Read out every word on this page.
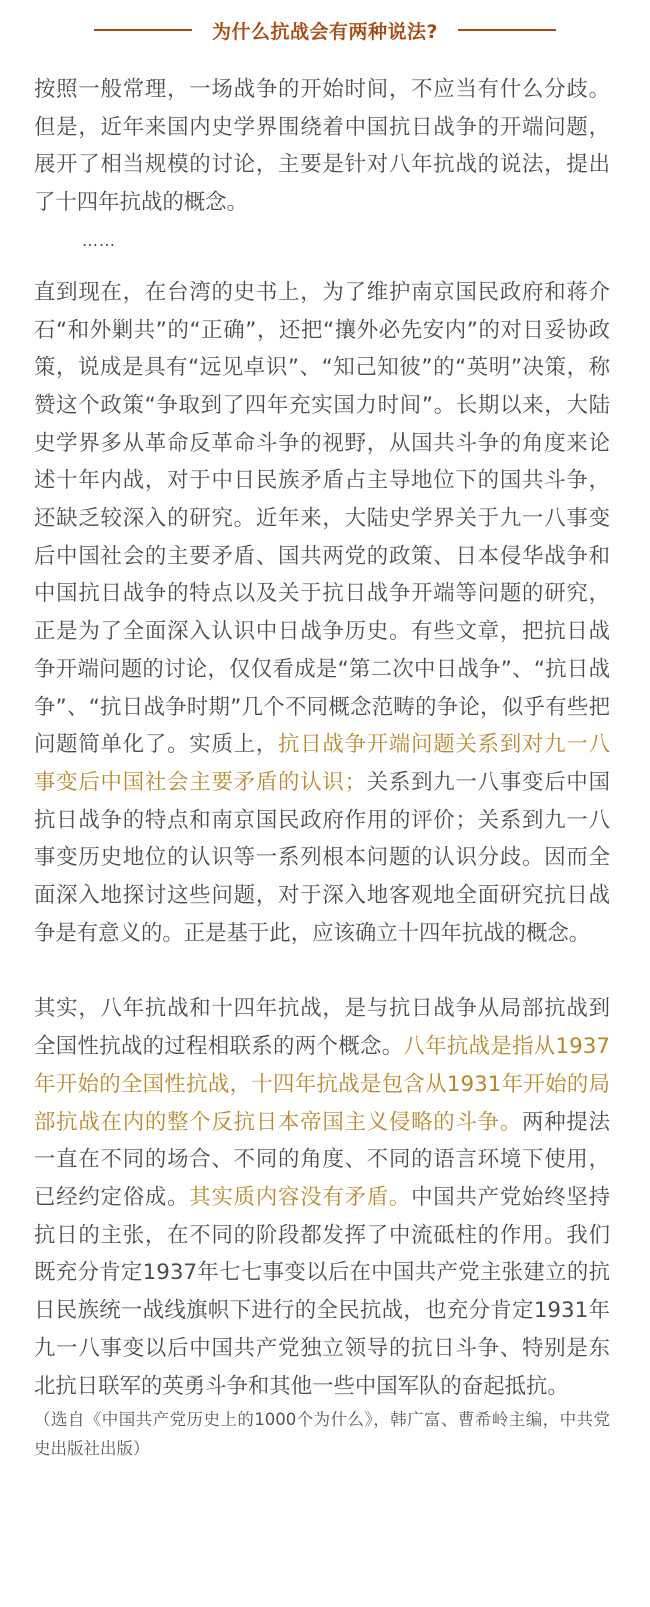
为什么抗战会有两种说法?

按照一般常理，一场战争的开始时间，不应当有什么分歧。但是，近年来国内史学界围绕着中国抗日战争的开端问题，展开了相当规模的讨论，主要是针对八年抗战的说法，提出了十四年抗战的概念。

……

直到现在，在台湾的史书上，为了维护南京国民政府和蒋介石“和外剿共”的“正确”，还把“攘外必先安内”的对日妥协政策，说成是具有“远见卓识”、“知己知彼”的“英明”决策，称赞这个政策“争取到了四年充实国力时间”。长期以来，大陆史学界多从革命反革命斗争的视野，从国共斗争的角度来论述十年内战，对于中日民族矛盾占主导地位下的国共斗争，还缺乏较深入的研究。近年来，大陆史学界关于九一八事变后中国社会的主要矛盾、国共两党的政策、日本侵华战争和中国抗日战争的特点以及关于抗日战争开端等问题的研究，正是为了全面深入认识中日战争历史。有些文章，把抗日战争开端问题的讨论，仅仅看成是“第二次中日战争”、“抗日战争”、“抗日战争时期”几个不同概念范畴的争论，似乎有些把问题简单化了。实质上，抗日战争开端问题关系到对九一八事变后中国社会主要矛盾的认识；关系到九一八事变后中国抗日战争的特点和南京国民政府作用的评价；关系到九一八事变历史地位的认识等一系列根本问题的认识分歧。因而全面深入地探讨这些问题，对于深入地客观地全面研究抗日战争是有意义的。正是基于此，应该确立十四年抗战的概念。

其实，八年抗战和十四年抗战，是与抗日战争从局部抗战到全国性抗战的过程相联系的两个概念。八年抗战是指从1937年开始的全国性抗战，十四年抗战是包含从1931年开始的局部抗战在内的整个反抗日本帝国主义侵略的斗争。两种提法一直在不同的场合、不同的角度、不同的语言环境下使用，已经约定俗成。其实质内容没有矛盾。中国共产党始终坚持抗日的主张，在不同的阶段都发挥了中流砥柱的作用。我们既充分肯定1937年七七事变以后在中国共产党主张建立的抗日民族统一战线旗帜下进行的全民抗战，也充分肯定1931年九一八事变以后中国共产党独立领导的抗日斗争、特别是东北抗日联军的英勇斗争和其他一些中国军队的奋起抵抗。

（选自《中国共产党历史上的1000个为什么》，韩广富、曹希岭主编，中共党史出版社出版）
